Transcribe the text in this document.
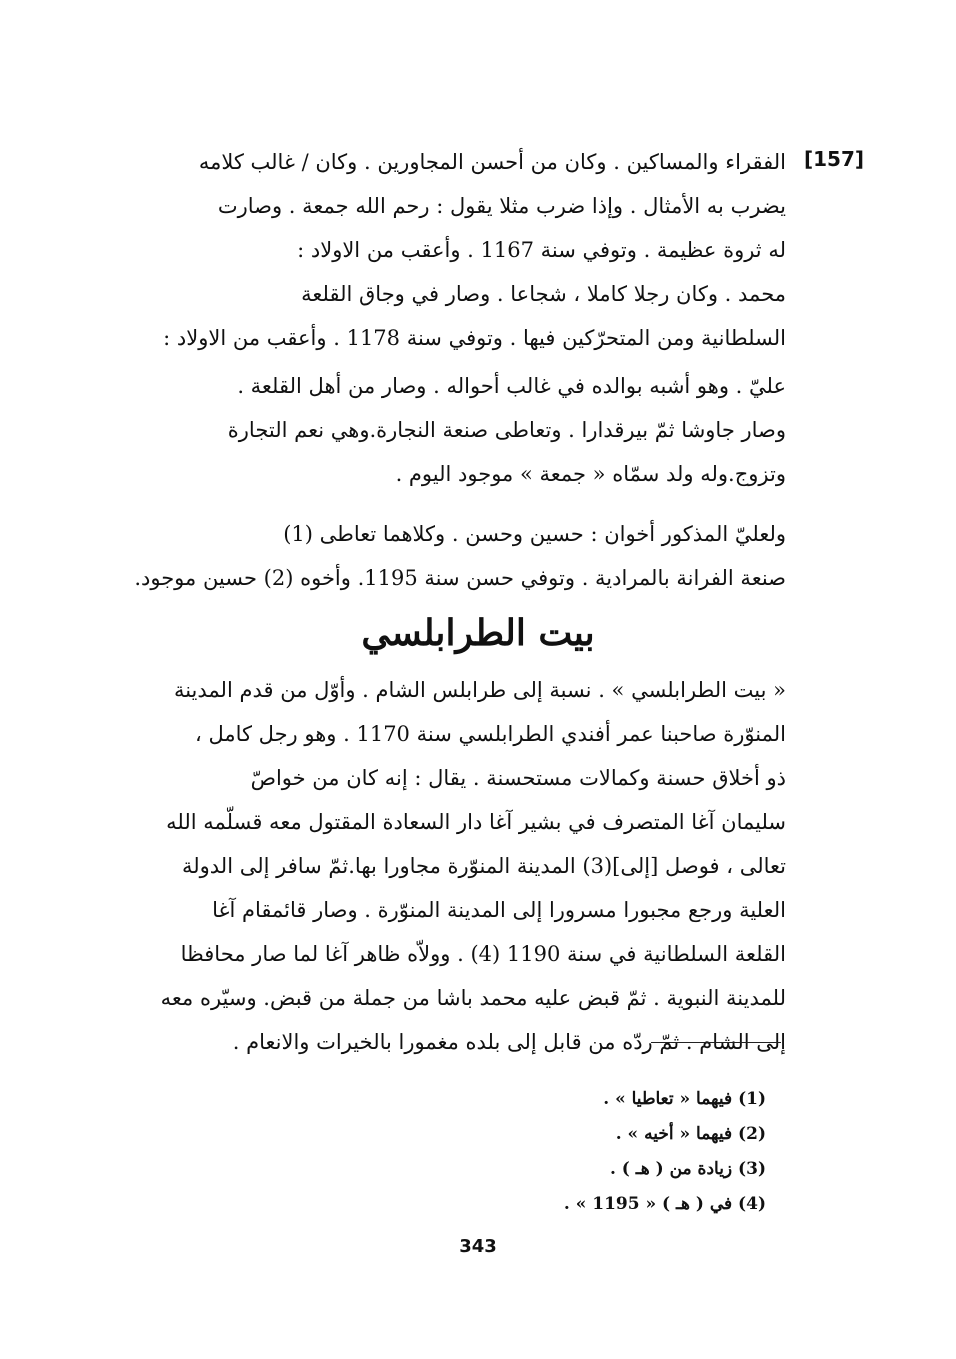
[157]
الفقراء والمساكين . وكان من أحسن المجاورين . وكان / غالب كلامه
يضرب به الأمثال . وإذا ضرب مثلا يقول : رحم الله جمعة . وصارت
له ثروة عظيمة . وتوفي سنة 1167 . وأعقب من الاولاد :
محمد . وكان رجلا كاملا ، شجاعا . وصار في وجاق القلعة
السلطانية ومن المتحرّكين فيها . وتوفي سنة 1178 . وأعقب من الاولاد :
عليّ . وهو أشبه بوالده في غالب أحواله . وصار من أهل القلعة .
وصار جاوشا ثمّ بيرقدارا . وتعاطى صنعة النجارة.وهي نعم التجارة
وتزوج.وله ولد سمّاه « جمعة » موجود اليوم .
ولعليّ المذكور أخوان : حسين وحسن . وكلاهما تعاطى (1)
صنعة الفرانة بالمرادية . وتوفي حسن سنة 1195. وأخوه (2) حسين موجود.
بيت الطرابلسي
« بيت الطرابلسي » . نسبة إلى طرابلس الشام . وأوّل من قدم المدينة
المنوّرة صاحبنا عمر أفندي الطرابلسي سنة 1170 . وهو رجل كامل ،
ذو أخلاق حسنة وكمالات مستحسنة . يقال : إنه كان من خواصّ
سليمان آغا المتصرف في بشير آغا دار السعادة المقتول معه قسلّمه الله
تعالى ، فوصل [إلى](3) المدينة المنوّرة مجاورا بها.ثمّ سافر إلى الدولة
العلية ورجع مجبورا مسرورا إلى المدينة المنوّرة . وصار قائمقام آغا
القلعة السلطانية في سنة 1190 (4) . وولاّه ظاهر آغا لما صار محافظا
للمدينة النبوية . ثمّ قبض عليه محمد باشا من جملة من قبض. وسيّره معه
إلى الشام . ثمّ ردّه من قابل إلى بلده مغمورا بالخيرات والانعام .
(1) فيهما « تعاطيا » .
(2) فيهما « أخيه » .
(3) زيادة من ( هـ ) .
(4) في ( هـ ) « 1195 » .
343
